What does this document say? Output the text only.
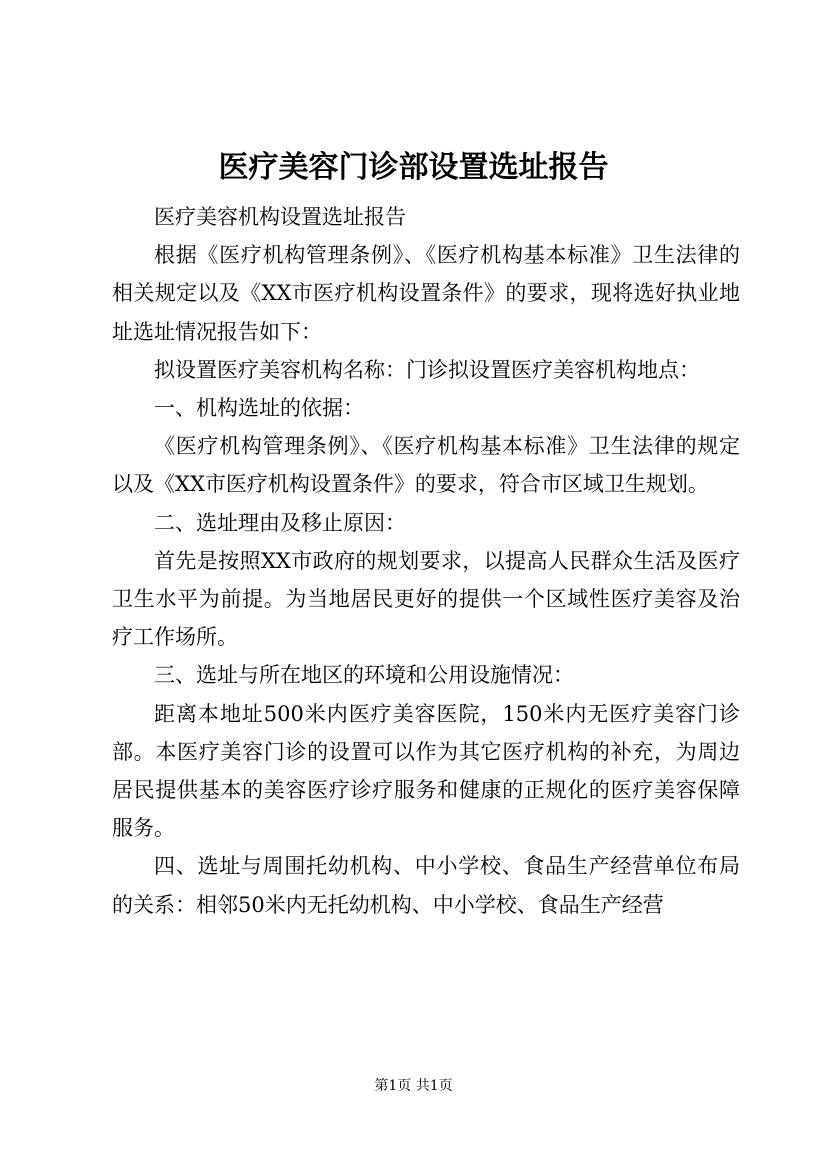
医疗美容门诊部设置选址报告

医疗美容机构设置选址报告

根据《医疗机构管理条例》、《医疗机构基本标准》卫生法律的相关规定以及《XX市医疗机构设置条件》的要求，现将选好执业地址选址情况报告如下：

拟设置医疗美容机构名称：门诊拟设置医疗美容机构地点：

一、机构选址的依据：

《医疗机构管理条例》、《医疗机构基本标准》卫生法律的规定以及《XX市医疗机构设置条件》的要求，符合市区域卫生规划。

二、选址理由及移止原因：

首先是按照XX市政府的规划要求，以提高人民群众生活及医疗卫生水平为前提。为当地居民更好的提供一个区域性医疗美容及治疗工作场所。

三、选址与所在地区的环境和公用设施情况：

距离本地址500米内医疗美容医院，150米内无医疗美容门诊部。本医疗美容门诊的设置可以作为其它医疗机构的补充，为周边居民提供基本的美容医疗诊疗服务和健康的正规化的医疗美容保障服务。

四、选址与周围托幼机构、中小学校、食品生产经营单位布局的关系：相邻50米内无托幼机构、中小学校、食品生产经营

第1页 共1页
